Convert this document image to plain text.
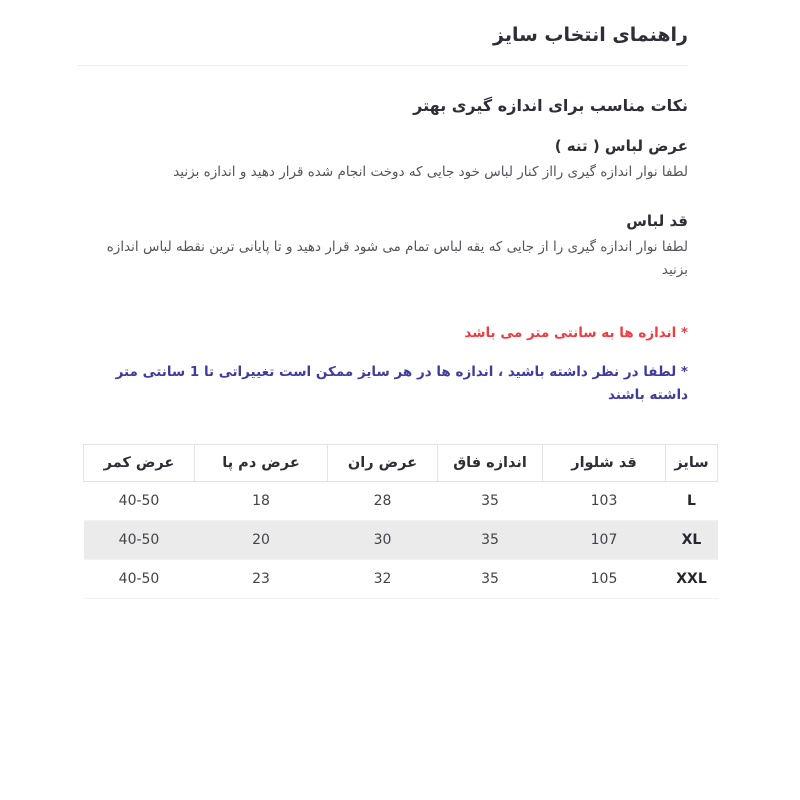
راهنمای انتخاب سایز
نکات مناسب برای اندازه گیری بهتر
عرض لباس ( تنه )
لطفا نوار اندازه گیری رااز کنار لباس خود جایی که دوخت انجام شده قرار دهید و اندازه بزنید
قد لباس
لطفا نوار اندازه گیری را از جایی که یقه لباس تمام می شود قرار دهید و تا پایانی ترین نقطه لباس اندازه بزنید
* اندازه ها به سانتی متر می باشد
* لطفا در نظر داشته باشید ، اندازه ها در هر سایز ممکن است تغییراتی تا 1 سانتی متر داشته باشند
سایز	قد شلوار	اندازه فاق	عرض ران	عرض دم پا	عرض کمر
L	103	35	28	18	40-50
XL	107	35	30	20	40-50
XXL	105	35	32	23	40-50
